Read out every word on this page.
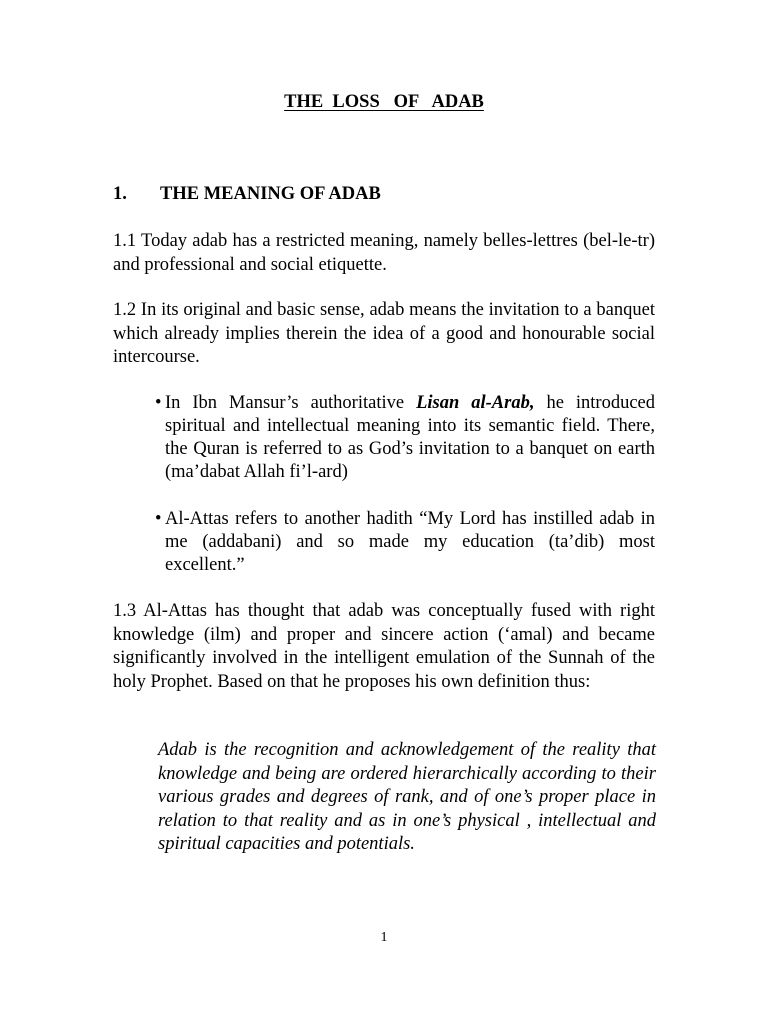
THE  LOSS   OF   ADAB
1. THE MEANING OF ADAB
1.1 Today adab has a restricted meaning, namely belles-lettres (bel-le-tr) and professional and social etiquette.
1.2 In its original and basic sense, adab means the invitation to a banquet which already implies therein the idea of a good and honourable social intercourse.
• In Ibn Mansur’s authoritative Lisan al-Arab, he introduced spiritual and intellectual meaning into its semantic field. There, the Quran is referred to as God’s invitation to a banquet on earth (ma’dabat Allah fi’l-ard)
• Al-Attas refers to another hadith “My Lord has instilled adab in me (addabani) and so made my education (ta’dib) most excellent.”
1.3 Al-Attas has thought that adab was conceptually fused with right knowledge (ilm) and proper and sincere action (‘amal) and became significantly involved in the intelligent emulation of the Sunnah of the holy Prophet. Based on that he proposes his own definition thus:
Adab is the recognition and acknowledgement of the reality that knowledge and being are ordered hierarchically according to their various grades and degrees of rank, and of one’s proper place in relation to that reality and as in one’s physical , intellectual and spiritual capacities and potentials.
1
